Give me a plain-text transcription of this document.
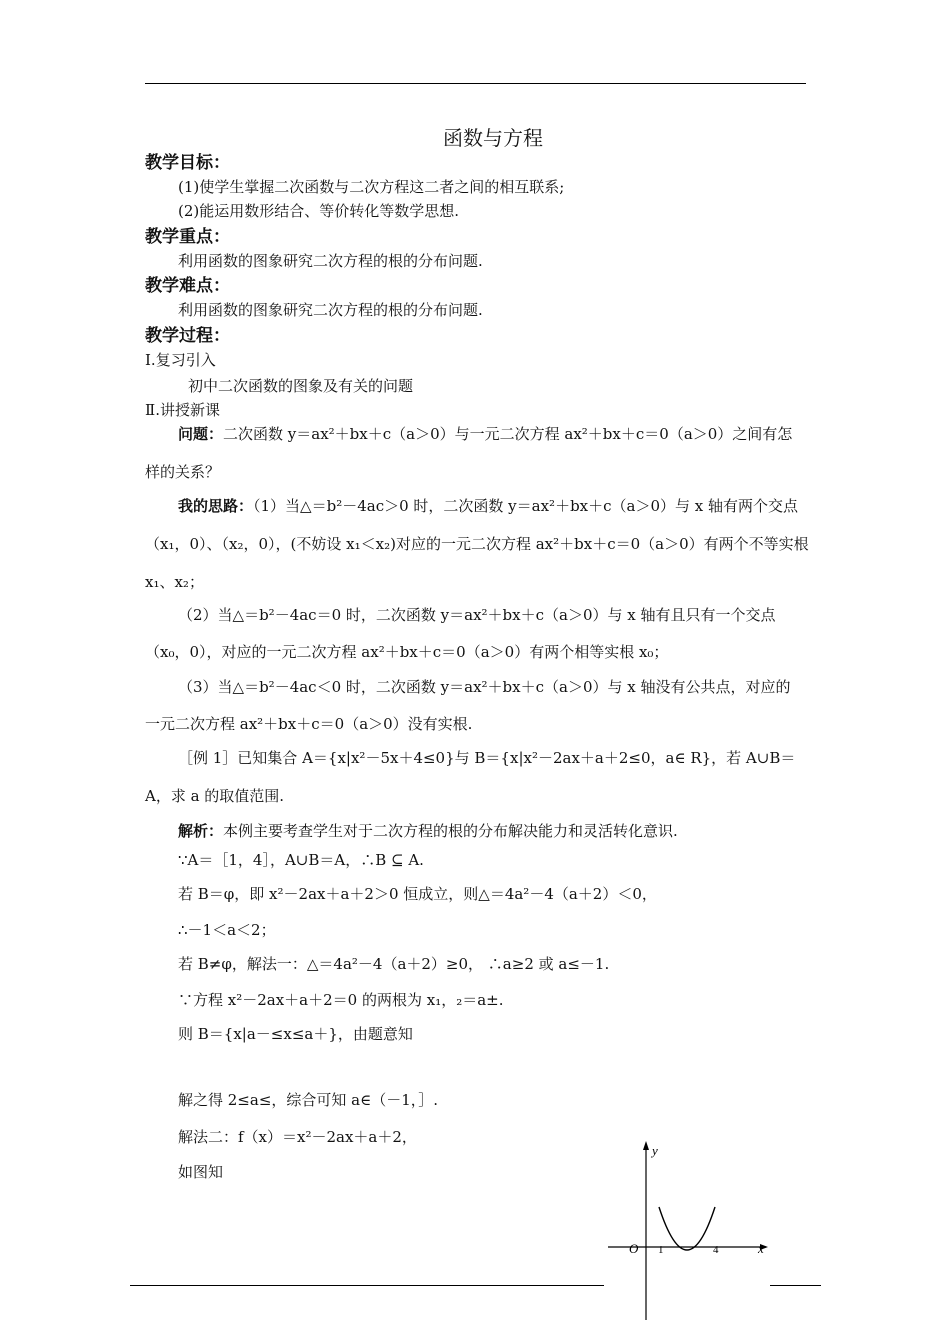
函数与方程
教学目标：
(1)使学生掌握二次函数与二次方程这二者之间的相互联系;
(2)能运用数形结合、等价转化等数学思想.
教学重点：
利用函数的图象研究二次方程的根的分布问题.
教学难点：
利用函数的图象研究二次方程的根的分布问题.
教学过程：
Ⅰ.复习引入
初中二次函数的图象及有关的问题
Ⅱ.讲授新课
问题：二次函数 y＝ax²＋bx＋c（a＞0）与一元二次方程 ax²＋bx＋c＝0（a＞0）之间有怎
样的关系？
我的思路：（1）当△＝b²－4ac＞0 时，二次函数 y＝ax²＋bx＋c（a＞0）与 x 轴有两个交点
（x₁，0）、（x₂，0），(不妨设 x₁＜x₂)对应的一元二次方程 ax²＋bx＋c＝0（a＞0）有两个不等实根
x₁、x₂；
（2）当△＝b²－4ac＝0 时，二次函数 y＝ax²＋bx＋c（a＞0）与 x 轴有且只有一个交点
（x₀，0），对应的一元二次方程 ax²＋bx＋c＝0（a＞0）有两个相等实根 x₀；
（3）当△＝b²－4ac＜0 时，二次函数 y＝ax²＋bx＋c（a＞0）与 x 轴没有公共点，对应的
一元二次方程 ax²＋bx＋c＝0（a＞0）没有实根.
［例 1］已知集合 A＝{x|x²－5x＋4≤0}与 B＝{x|x²－2ax＋a＋2≤0，a∈ R}，若 A∪B＝
A，求 a 的取值范围.
解析：本例主要考查学生对于二次方程的根的分布解决能力和灵活转化意识.
∵A＝［1，4］，A∪B＝A，∴B ⊆ A.
若 B＝φ，即 x²－2ax＋a＋2＞0 恒成立，则△＝4a²－4（a＋2）＜0，
∴－1＜a＜2；
若 B≠φ，解法一：△＝4a²－4（a＋2）≥0， ∴a≥2 或 a≤－1.
∵方程 x²－2ax＋a＋2＝0 的两根为 x₁，₂＝a±.
则 B＝{x|a－≤x≤a＋}，由题意知
解之得 2≤a≤，综合可知 a∈（－1，］.
解法二：f（x）＝x²－2ax＋a＋2，
如图知
y
x
O 1	4
